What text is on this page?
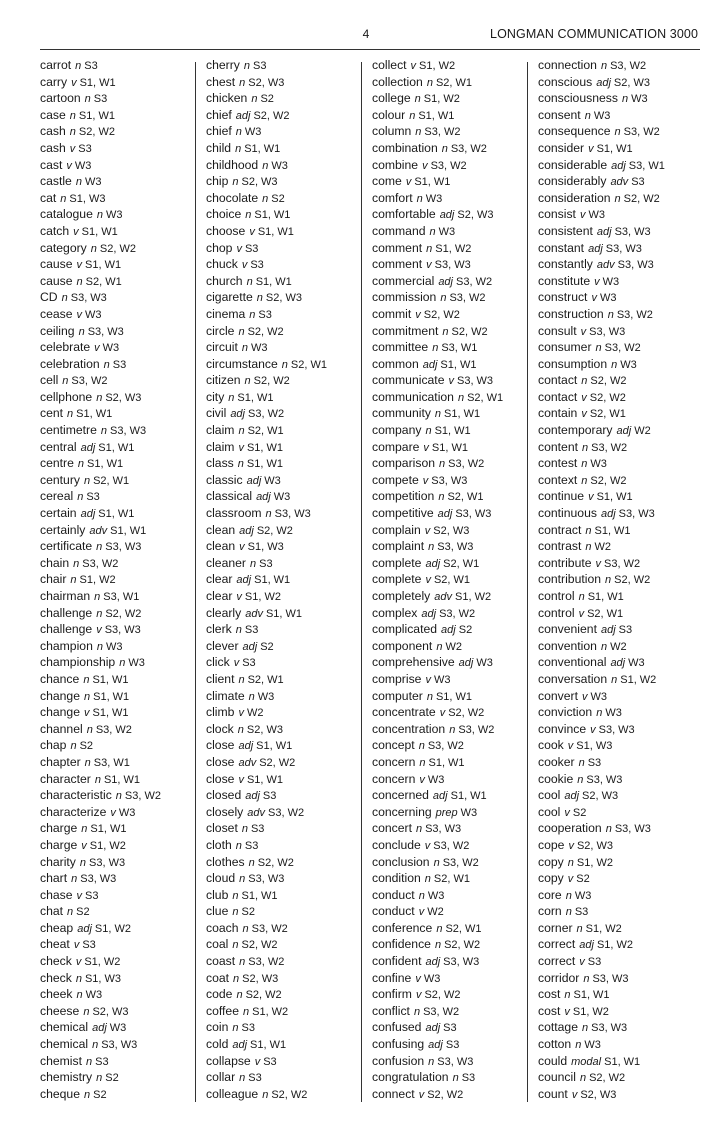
4	LONGMAN COMMUNICATION 3000
carrot n S3
carry v S1, W1
cartoon n S3
case n S1, W1
cash n S2, W2
cash v S3
cast v W3
castle n W3
cat n S1, W3
catalogue n W3
catch v S1, W1
category n S2, W2
cause v S1, W1
cause n S2, W1
CD n S3, W3
cease v W3
ceiling n S3, W3
celebrate v W3
celebration n S3
cell n S3, W2
cellphone n S2, W3
cent n S1, W1
centimetre n S3, W3
central adj S1, W1
centre n S1, W1
century n S2, W1
cereal n S3
certain adj S1, W1
certainly adv S1, W1
certificate n S3, W3
chain n S3, W2
chair n S1, W2
chairman n S3, W1
challenge n S2, W2
challenge v S3, W3
champion n W3
championship n W3
chance n S1, W1
change n S1, W1
change v S1, W1
channel n S3, W2
chap n S2
chapter n S3, W1
character n S1, W1
characteristic n S3, W2
characterize v W3
charge n S1, W1
charge v S1, W2
charity n S3, W3
chart n S3, W3
chase v S3
chat n S2
cheap adj S1, W2
cheat v S3
check v S1, W2
check n S1, W3
cheek n W3
cheese n S2, W3
chemical adj W3
chemical n S3, W3
chemist n S3
chemistry n S2
cheque n S2
cherry n S3
chest n S2, W3
chicken n S2
chief adj S2, W2
chief n W3
child n S1, W1
childhood n W3
chip n S2, W3
chocolate n S2
choice n S1, W1
choose v S1, W1
chop v S3
chuck v S3
church n S1, W1
cigarette n S2, W3
cinema n S3
circle n S2, W2
circuit n W3
circumstance n S2, W1
citizen n S2, W2
city n S1, W1
civil adj S3, W2
claim n S2, W1
claim v S1, W1
class n S1, W1
classic adj W3
classical adj W3
classroom n S3, W3
clean adj S2, W2
clean v S1, W3
cleaner n S3
clear adj S1, W1
clear v S1, W2
clearly adv S1, W1
clerk n S3
clever adj S2
click v S3
client n S2, W1
climate n W3
climb v W2
clock n S2, W3
close adj S1, W1
close adv S2, W2
close v S1, W1
closed adj S3
closely adv S3, W2
closet n S3
cloth n S3
clothes n S2, W2
cloud n S3, W3
club n S1, W1
clue n S2
coach n S3, W2
coal n S2, W2
coast n S3, W2
coat n S2, W3
code n S2, W2
coffee n S1, W2
coin n S3
cold adj S1, W1
collapse v S3
collar n S3
colleague n S2, W2
collect v S1, W2
collection n S2, W1
college n S1, W2
colour n S1, W1
column n S3, W2
combination n S3, W2
combine v S3, W2
come v S1, W1
comfort n W3
comfortable adj S2, W3
command n W3
comment n S1, W2
comment v S3, W3
commercial adj S3, W2
commission n S3, W2
commit v S2, W2
commitment n S2, W2
committee n S3, W1
common adj S1, W1
communicate v S3, W3
communication n S2, W1
community n S1, W1
company n S1, W1
compare v S1, W1
comparison n S3, W2
compete v S3, W3
competition n S2, W1
competitive adj S3, W3
complain v S2, W3
complaint n S3, W3
complete adj S2, W1
complete v S2, W1
completely adv S1, W2
complex adj S3, W2
complicated adj S2
component n W2
comprehensive adj W3
comprise v W3
computer n S1, W1
concentrate v S2, W2
concentration n S3, W2
concept n S3, W2
concern n S1, W1
concern v W3
concerned adj S1, W1
concerning prep W3
concert n S3, W3
conclude v S3, W2
conclusion n S3, W2
condition n S2, W1
conduct n W3
conduct v W2
conference n S2, W1
confidence n S2, W2
confident adj S3, W3
confine v W3
confirm v S2, W2
conflict n S3, W2
confused adj S3
confusing adj S3
confusion n S3, W3
congratulation n S3
connect v S2, W2
connection n S3, W2
conscious adj S2, W3
consciousness n W3
consent n W3
consequence n S3, W2
consider v S1, W1
considerable adj S3, W1
considerably adv S3
consideration n S2, W2
consist v W3
consistent adj S3, W3
constant adj S3, W3
constantly adv S3, W3
constitute v W3
construct v W3
construction n S3, W2
consult v S3, W3
consumer n S3, W2
consumption n W3
contact n S2, W2
contact v S2, W2
contain v S2, W1
contemporary adj W2
content n S3, W2
contest n W3
context n S2, W2
continue v S1, W1
continuous adj S3, W3
contract n S1, W1
contrast n W2
contribute v S3, W2
contribution n S2, W2
control n S1, W1
control v S2, W1
convenient adj S3
convention n W2
conventional adj W3
conversation n S1, W2
convert v W3
conviction n W3
convince v S3, W3
cook v S1, W3
cooker n S3
cookie n S3, W3
cool adj S2, W3
cool v S2
cooperation n S3, W3
cope v S2, W3
copy n S1, W2
copy v S2
core n W3
corn n S3
corner n S1, W2
correct adj S1, W2
correct v S3
corridor n S3, W3
cost n S1, W1
cost v S1, W2
cottage n S3, W3
cotton n W3
could modal S1, W1
council n S2, W2
count v S2, W3
